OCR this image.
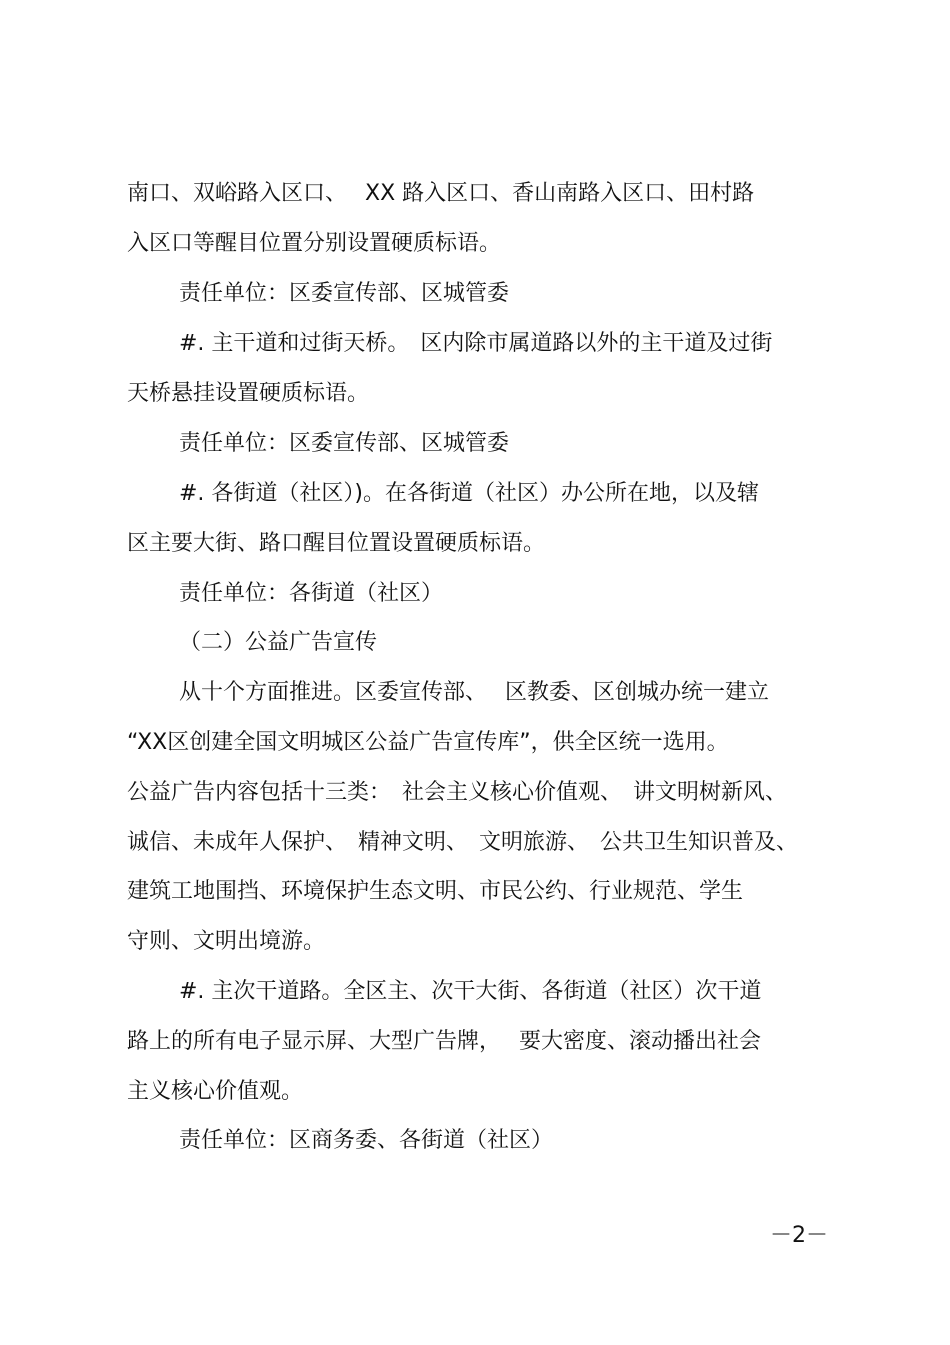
南口、双峪路入区口、　 XX 路入区口、香山南路入区口、田村路

入区口等醒目位置分别设置硬质标语。

责任单位：区委宣传部、区城管委

#. 主干道和过街天桥。　区内除市属道路以外的主干道及过街

天桥悬挂设置硬质标语。

责任单位：区委宣传部、区城管委

#. 各街道（社区）)。在各街道（社区）办公所在地，以及辖

区主要大街、路口醒目位置设置硬质标语。

责任单位：各街道（社区）

（二）公益广告宣传

从十个方面推进。区委宣传部、　 区教委、区创城办统一建立

“XX区创建全国文明城区公益广告宣传库”，供全区统一选用。

公益广告内容包括十三类：　社会主义核心价值观、　讲文明树新风、

诚信、未成年人保护、　精神文明、　文明旅游、　公共卫生知识普及、

建筑工地围挡、环境保护生态文明、市民公约、行业规范、学生

守则、文明出境游。

#. 主次干道路。全区主、次干大街、各街道（社区）次干道

路上的所有电子显示屏、大型广告牌，　 要大密度、滚动播出社会

主义核心价值观。

责任单位：区商务委、各街道（社区）

－2－
